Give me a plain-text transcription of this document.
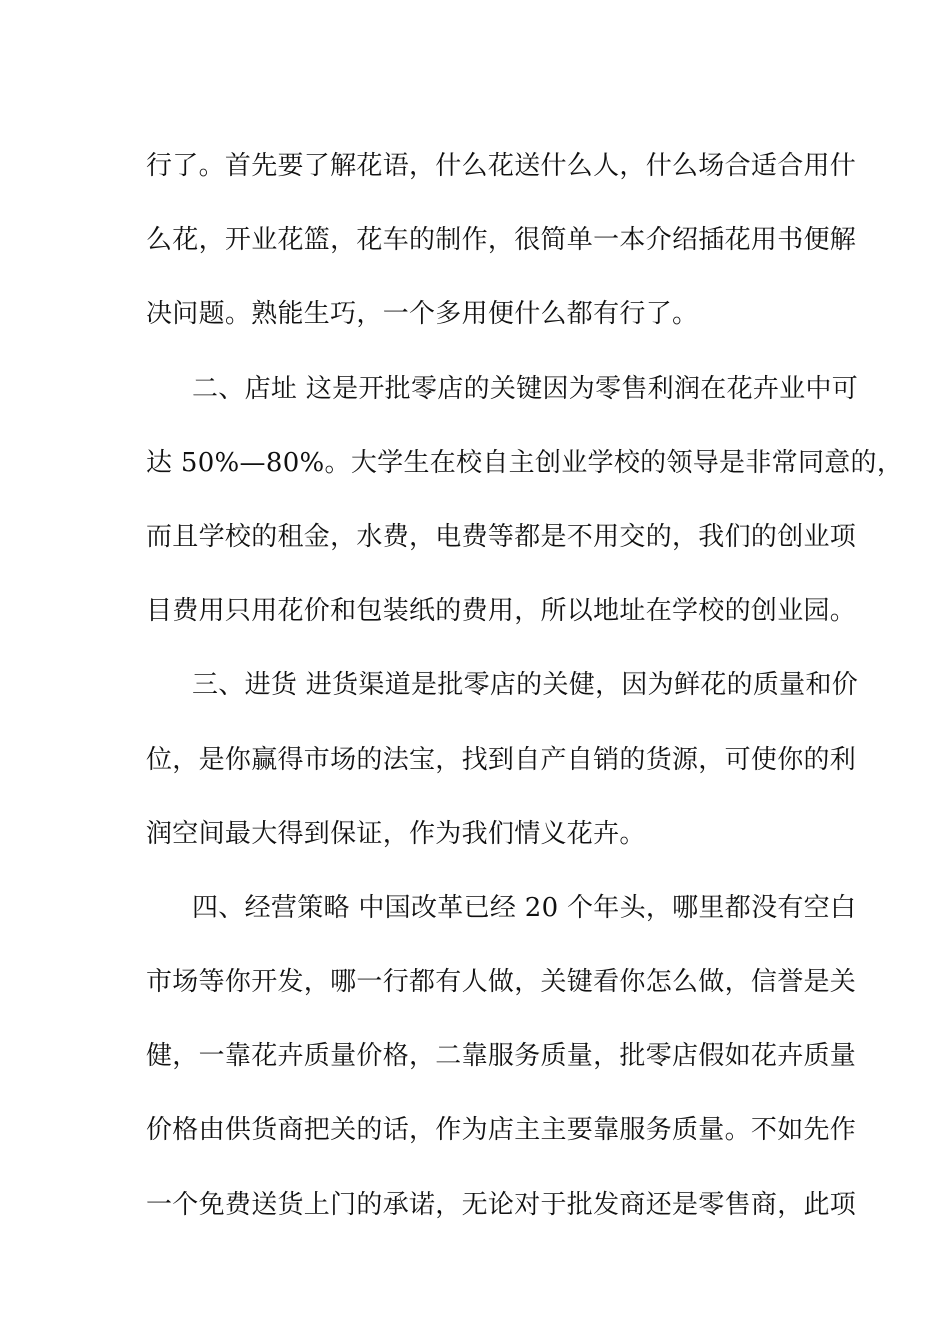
行了。首先要了解花语，什么花送什么人，什么场合适合用什
么花，开业花篮，花车的制作，很简单一本介绍插花用书便解
决问题。熟能生巧，一个多用便什么都有行了。
二、店址 这是开批零店的关键因为零售利润在花卉业中可
达 50%—80%。大学生在校自主创业学校的领导是非常同意的，
而且学校的租金，水费，电费等都是不用交的，我们的创业项
目费用只用花价和包装纸的费用，所以地址在学校的创业园。
三、进货 进货渠道是批零店的关健，因为鲜花的质量和价
位，是你赢得市场的法宝，找到自产自销的货源，可使你的利
润空间最大得到保证，作为我们情义花卉。
四、经营策略 中国改革已经 20 个年头，哪里都没有空白
市场等你开发，哪一行都有人做，关键看你怎么做，信誉是关
健，一靠花卉质量价格，二靠服务质量，批零店假如花卉质量
价格由供货商把关的话，作为店主主要靠服务质量。不如先作
一个免费送货上门的承诺，无论对于批发商还是零售商，此项
